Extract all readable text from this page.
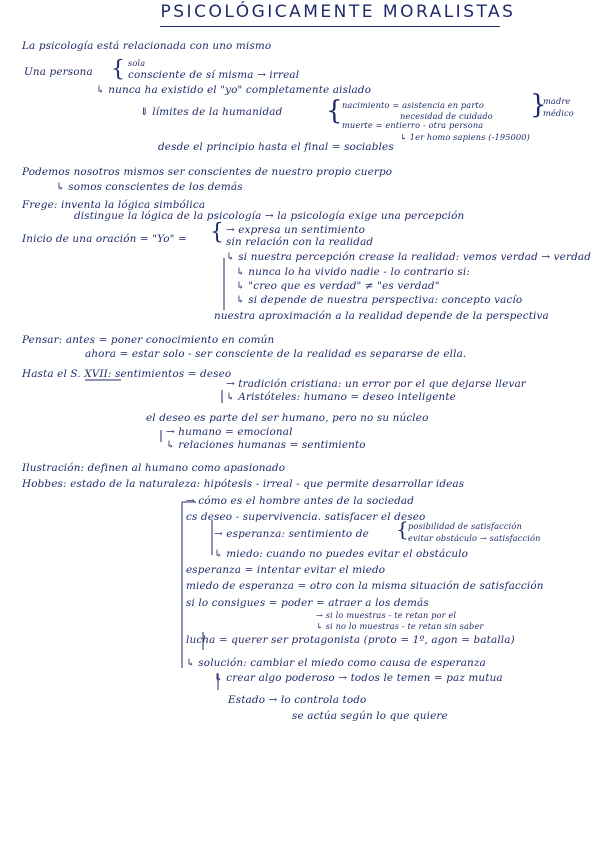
PSICOLÓGICAMENTE MORALISTAS
La psicología está relacionada con uno mismo
sola
Una persona { consciente de sí misma → irreal
↳ nunca ha existido el "yo" completamente aislado
madre
nacimiento = asistencia en parto
médico
⇓ límites de la humanidad {	}
necesidad de cuidado
muerte = entierro - otra persona
↳ 1er homo sapiens (-195000)
desde el principio hasta el final = sociables
Podemos nosotros mismos ser conscientes de nuestro propio cuerpo
↳ somos conscientes de los demás
Frege: inventa la lógica simbólica
distingue la lógica de la psicología → la psicología exige una percepción
→ expresa un sentimiento
Inicio de una oración = "Yo" = { sin relación con la realidad
↳ si nuestra percepción crease la realidad: vemos verdad → verdad
↳ nunca lo ha vivido nadie - lo contrario si:
↳ "creo que es verdad" ≠ "es verdad"
↳ si depende de nuestra perspectiva: concepto vacío
nuestra aproximación a la realidad depende de la perspectiva
Pensar: antes = poner conocimiento en común
ahora = estar solo - ser consciente de la realidad es separarse de ella.
Hasta el S. XVII: sentimientos = deseo
→ tradición cristiana: un error por el que dejarse llevar
↳ Aristóteles: humano = deseo inteligente
el deseo es parte del ser humano, pero no su núcleo
→ humano = emocional
↳ relaciones humanas = sentimiento
Ilustración: definen al humano como apasionado
Hobbes: estado de la naturaleza: hipótesis - irreal - que permite desarrollar ideas
→ cómo es el hombre antes de la sociedad
cs deseo - supervivencia. satisfacer el deseo
posibilidad de satisfacción
→ esperanza: sentimiento de { evitar obstáculo → satisfacción
↳ miedo: cuando no puedes evitar el obstáculo
esperanza = intentar evitar el miedo
miedo de esperanza = otro con la misma situación de satisfacción
si lo consigues = poder = atraer a los demás
→ si lo muestras - te retan por el
↳ si no lo muestras - te retan sin saber
lucha = querer ser protagonista (proto = 1º, agon = batalla)
↳ solución: cambiar el miedo como causa de esperanza
↳ crear algo poderoso → todos le temen = paz mutua
Estado → lo controla todo
se actúa según lo que quiere
